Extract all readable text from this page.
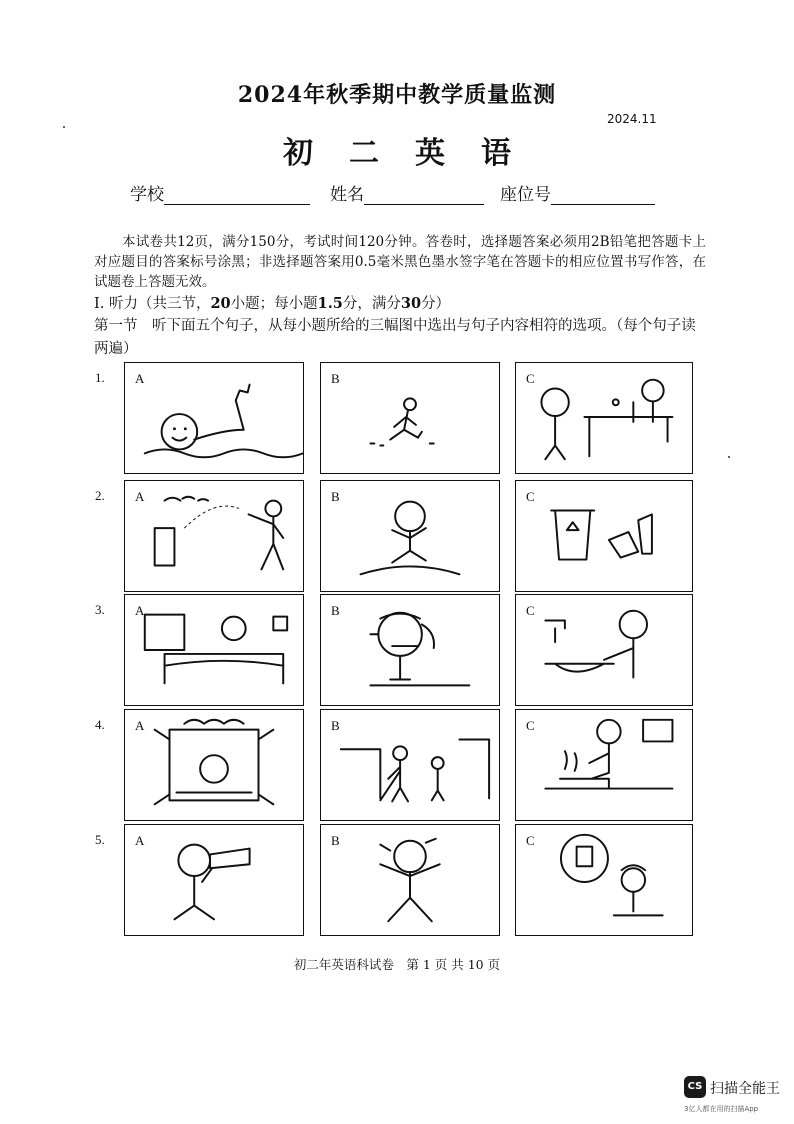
2024年秋季期中教学质量监测
2024.11
初二英语
学校	姓名	座位号
本试卷共12页，满分150分，考试时间120分钟。答卷时，选择题答案必须用2B铅笔把答题卡上对应题目的答案标号涂黑；非选择题答案用0.5毫米黑色墨水签字笔在答题卡的相应位置书写作答，在试题卷上答题无效。
Ⅰ. 听力（共三节，20小题；每小题1.5分，满分30分）
第一节　听下面五个句子，从每小题所给的三幅图中选出与句子内容相符的选项。（每个句子读两遍）
1. A	B	C
2. A	B	C
3. A	B	C
4. A	B	C
5. A	B	C
初二年英语科试卷　第 1 页 共 10 页
CS 扫描全能王
3亿人都在用的扫描App
